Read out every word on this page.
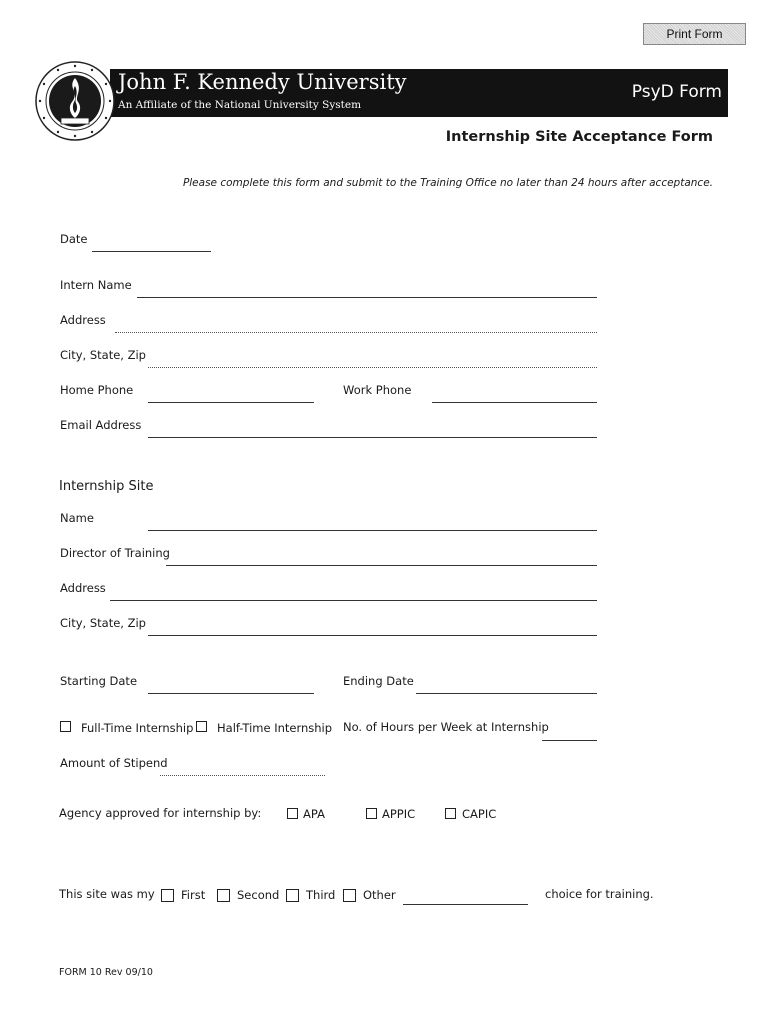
Print Form
John F. Kennedy University
An Affiliate of the National University System
PsyD Form
Internship Site Acceptance Form
Please complete this form and submit to the Training Office no later than 24 hours after acceptance.
Date
Intern Name
Address
City, State, Zip
Home Phone	Work Phone
Email Address
Internship Site
Name
Director of Training
Address
City, State, Zip
Starting Date	Ending Date
Full-Time Internship Half-Time Internship No. of Hours per Week at Internship
Amount of Stipend
Agency approved for internship by:	APA	APPIC	CAPIC
This site was my First	Second Third Other	choice for training.
FORM 10 Rev 09/10
